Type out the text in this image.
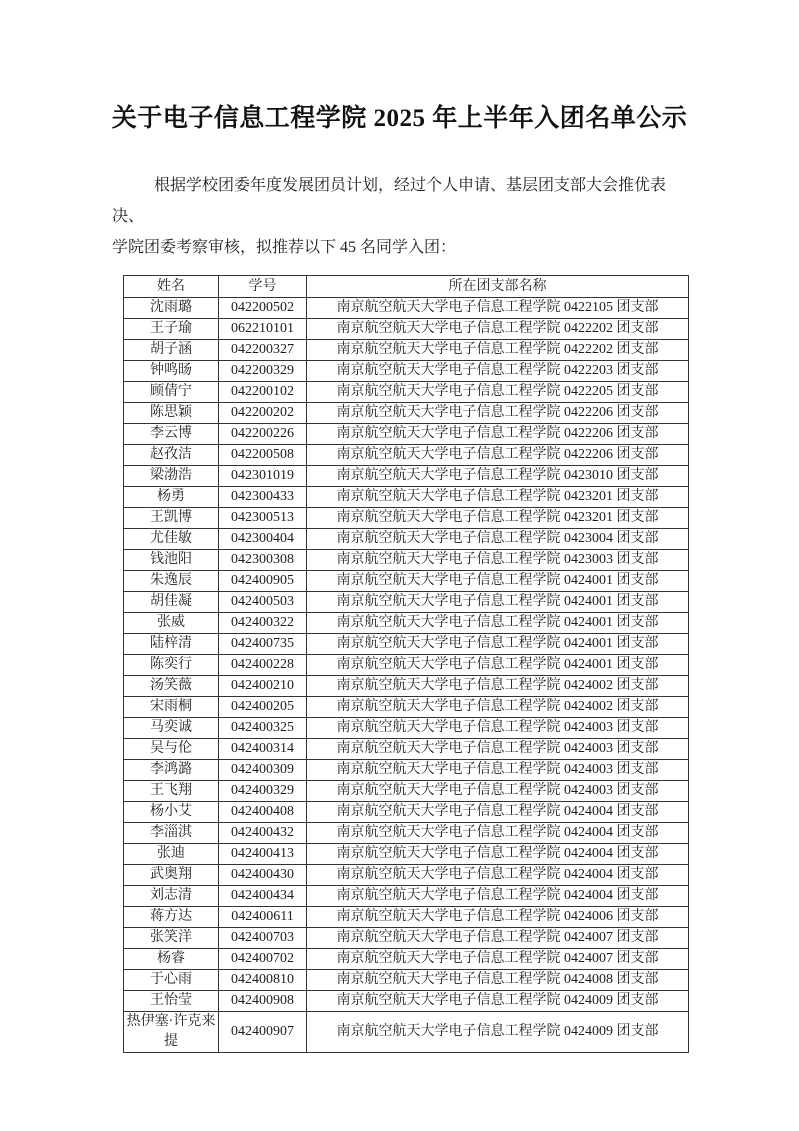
关于电子信息工程学院 2025 年上半年入团名单公示
根据学校团委年度发展团员计划，经过个人申请、基层团支部大会推优表决、
学院团委考察审核，拟推荐以下 45 名同学入团：
姓名	学号	所在团支部名称
沈雨璐	042200502	南京航空航天大学电子信息工程学院 0422105 团支部
王子瑜	062210101	南京航空航天大学电子信息工程学院 0422202 团支部
胡子涵	042200327	南京航空航天大学电子信息工程学院 0422202 团支部
钟鸣旸	042200329	南京航空航天大学电子信息工程学院 0422203 团支部
顾倩宁	042200102	南京航空航天大学电子信息工程学院 0422205 团支部
陈思颖	042200202	南京航空航天大学电子信息工程学院 0422206 团支部
李云博	042200226	南京航空航天大学电子信息工程学院 0422206 团支部
赵孜洁	042200508	南京航空航天大学电子信息工程学院 0422206 团支部
梁渤浩	042301019	南京航空航天大学电子信息工程学院 0423010 团支部
杨勇	042300433	南京航空航天大学电子信息工程学院 0423201 团支部
王凯博	042300513	南京航空航天大学电子信息工程学院 0423201 团支部
尤佳敏	042300404	南京航空航天大学电子信息工程学院 0423004 团支部
钱池阳	042300308	南京航空航天大学电子信息工程学院 0423003 团支部
朱逸辰	042400905	南京航空航天大学电子信息工程学院 0424001 团支部
胡佳凝	042400503	南京航空航天大学电子信息工程学院 0424001 团支部
张威	042400322	南京航空航天大学电子信息工程学院 0424001 团支部
陆梓清	042400735	南京航空航天大学电子信息工程学院 0424001 团支部
陈奕行	042400228	南京航空航天大学电子信息工程学院 0424001 团支部
汤笑薇	042400210	南京航空航天大学电子信息工程学院 0424002 团支部
宋雨桐	042400205	南京航空航天大学电子信息工程学院 0424002 团支部
马奕诚	042400325	南京航空航天大学电子信息工程学院 0424003 团支部
吴与伦	042400314	南京航空航天大学电子信息工程学院 0424003 团支部
李鸿潞	042400309	南京航空航天大学电子信息工程学院 0424003 团支部
王飞翔	042400329	南京航空航天大学电子信息工程学院 0424003 团支部
杨小艾	042400408	南京航空航天大学电子信息工程学院 0424004 团支部
李淄淇	042400432	南京航空航天大学电子信息工程学院 0424004 团支部
张迪	042400413	南京航空航天大学电子信息工程学院 0424004 团支部
武奥翔	042400430	南京航空航天大学电子信息工程学院 0424004 团支部
刘志清	042400434	南京航空航天大学电子信息工程学院 0424004 团支部
蒋方达	042400611	南京航空航天大学电子信息工程学院 0424006 团支部
张笑洋	042400703	南京航空航天大学电子信息工程学院 0424007 团支部
杨睿	042400702	南京航空航天大学电子信息工程学院 0424007 团支部
于心雨	042400810	南京航空航天大学电子信息工程学院 0424008 团支部
王怡莹	042400908	南京航空航天大学电子信息工程学院 0424009 团支部
热伊塞·许克来提	042400907	南京航空航天大学电子信息工程学院 0424009 团支部
